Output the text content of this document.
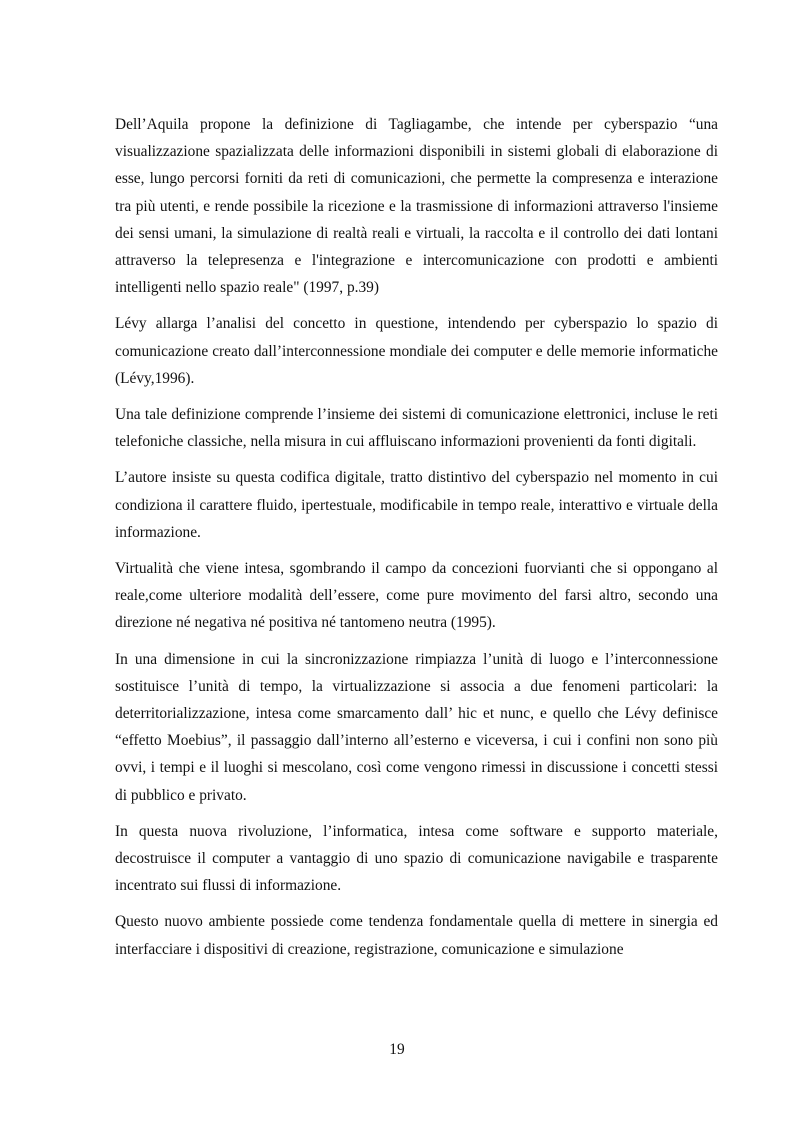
Dell’Aquila propone la definizione di Tagliagambe, che intende per cyberspazio “una visualizzazione spazializzata delle informazioni disponibili in sistemi globali di elaborazione di esse, lungo percorsi forniti da reti di comunicazioni, che permette la compresenza e interazione tra più utenti, e rende possibile la ricezione e la trasmissione di informazioni attraverso l'insieme dei sensi umani, la simulazione di realtà reali e virtuali, la raccolta e il controllo dei dati lontani attraverso la telepresenza e l'integrazione e intercomunicazione con prodotti e ambienti intelligenti nello spazio reale" (1997, p.39)

Lévy allarga l’analisi del concetto in questione, intendendo per cyberspazio lo spazio di comunicazione creato dall’interconnessione mondiale dei computer e delle memorie informatiche (Lévy,1996).

Una tale definizione comprende l’insieme dei sistemi di comunicazione elettronici, incluse le reti telefoniche classiche, nella misura in cui affluiscano informazioni provenienti da fonti digitali.

L’autore insiste su questa codifica digitale, tratto distintivo del cyberspazio nel momento in cui condiziona il carattere fluido, ipertestuale, modificabile in tempo reale, interattivo e virtuale della informazione.

Virtualità che viene intesa, sgombrando il campo da concezioni fuorvianti che si oppongano al reale,come ulteriore modalità dell’essere, come pure movimento del farsi altro, secondo una direzione né negativa né positiva né tantomeno neutra (1995).

In una dimensione in cui la sincronizzazione rimpiazza l’unità di luogo e l’interconnessione sostituisce l’unità di tempo, la virtualizzazione si associa a due fenomeni particolari: la deterritorializzazione, intesa come smarcamento dall’ hic et nunc, e quello che Lévy definisce “effetto Moebius”, il passaggio dall’interno all’esterno e viceversa, i cui i confini non sono più ovvi, i tempi e il luoghi si mescolano, così come vengono rimessi in discussione i concetti stessi di pubblico e privato.

In questa nuova rivoluzione, l’informatica, intesa come software e supporto materiale, decostruisce il computer a vantaggio di uno spazio di comunicazione navigabile e trasparente incentrato sui flussi di informazione.

Questo nuovo ambiente possiede come tendenza fondamentale quella di mettere in sinergia ed interfacciare i dispositivi di creazione, registrazione, comunicazione e simulazione

19
